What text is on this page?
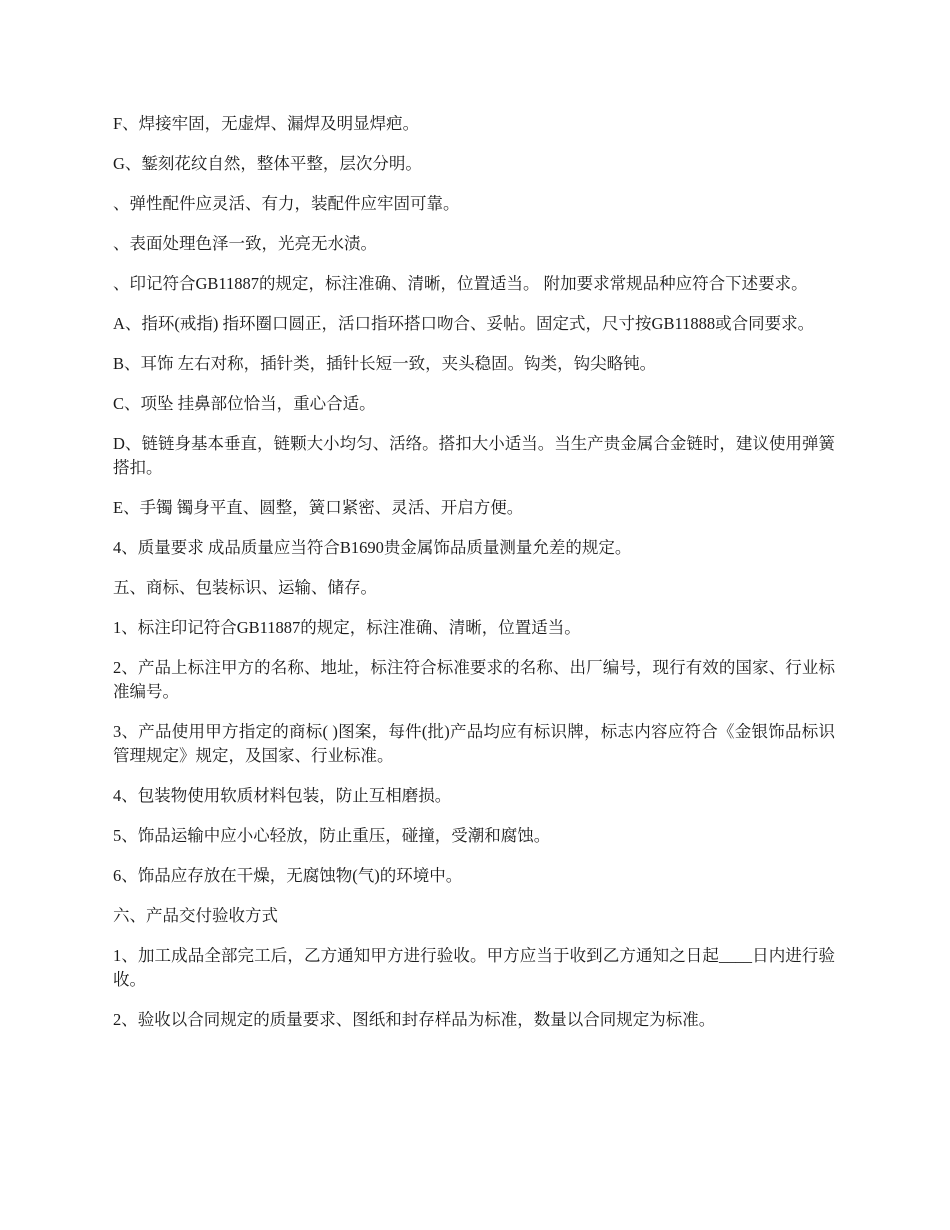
F、焊接牢固，无虚焊、漏焊及明显焊疤。

G、錾刻花纹自然，整体平整，层次分明。

、弹性配件应灵活、有力，装配件应牢固可靠。

、表面处理色泽一致，光亮无水渍。

、印记符合GB11887的规定，标注准确、清晰，位置适当。 附加要求常规品种应符合下述要求。

A、指环(戒指) 指环圈口圆正，活口指环搭口吻合、妥帖。固定式，尺寸按GB11888或合同要求。

B、耳饰 左右对称，插针类，插针长短一致，夹头稳固。钩类，钩尖略钝。

C、项坠 挂鼻部位恰当，重心合适。

D、链链身基本垂直，链颗大小均匀、活络。搭扣大小适当。当生产贵金属合金链时，建议使用弹簧搭扣。

E、手镯 镯身平直、圆整，簧口紧密、灵活、开启方便。

4、质量要求 成品质量应当符合B1690贵金属饰品质量测量允差的规定。

五、商标、包装标识、运输、储存。

1、标注印记符合GB11887的规定，标注准确、清晰，位置适当。

2、产品上标注甲方的名称、地址，标注符合标准要求的名称、出厂编号，现行有效的国家、行业标准编号。

3、产品使用甲方指定的商标( )图案，每件(批)产品均应有标识牌，标志内容应符合《金银饰品标识管理规定》规定，及国家、行业标准。

4、包装物使用软质材料包装，防止互相磨损。

5、饰品运输中应小心轻放，防止重压，碰撞，受潮和腐蚀。

6、饰品应存放在干燥，无腐蚀物(气)的环境中。

六、产品交付验收方式

1、加工成品全部完工后，乙方通知甲方进行验收。甲方应当于收到乙方通知之日起____日内进行验收。

2、验收以合同规定的质量要求、图纸和封存样品为标准，数量以合同规定为标准。
